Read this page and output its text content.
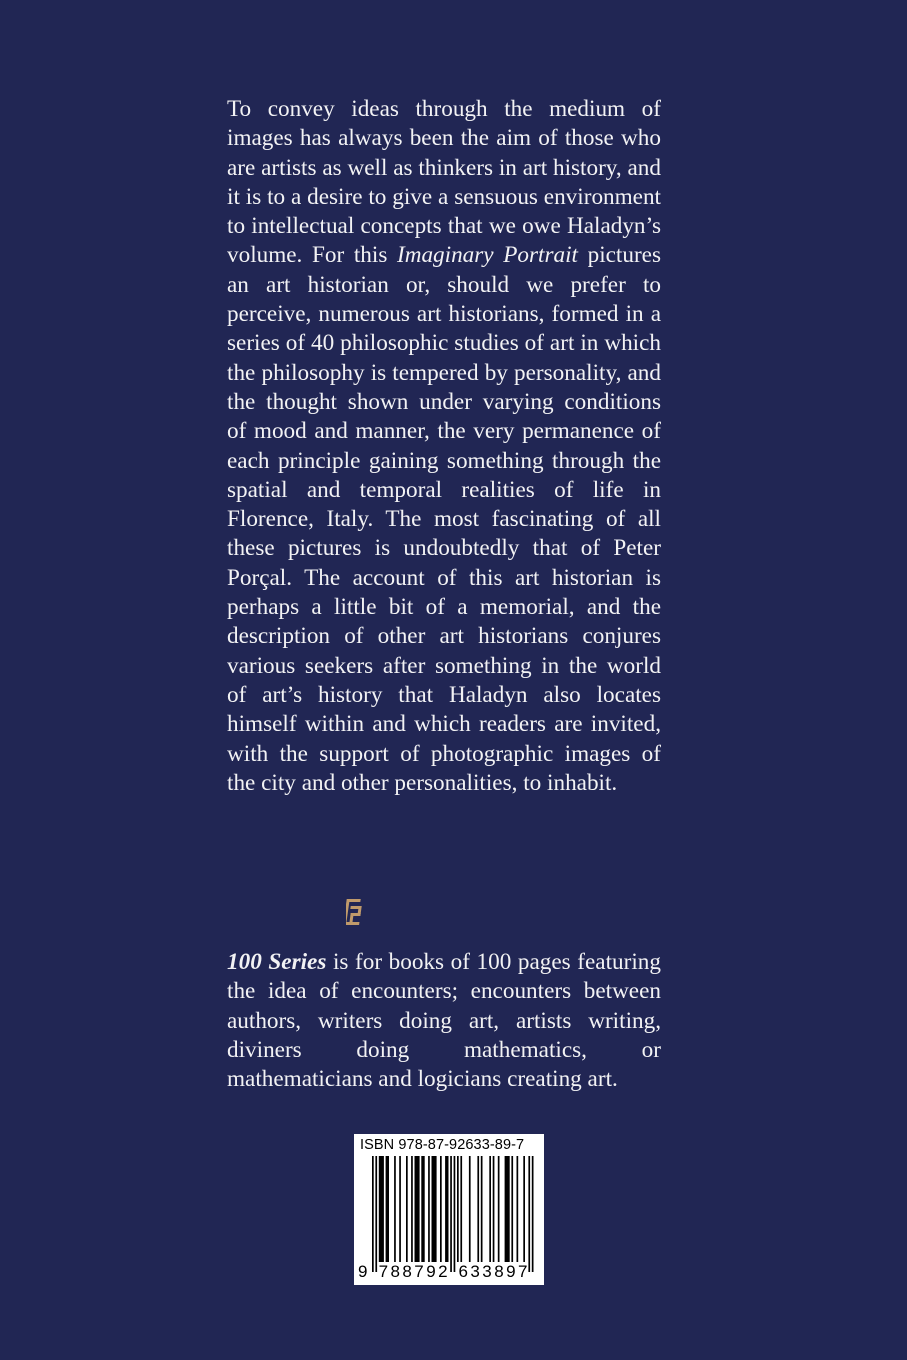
To convey ideas through the medium of images has always been the aim of those who are artists as well as thinkers in art history, and it is to a desire to give a sensuous environment to intellectual concepts that we owe Haladyn’s volume. For this Imaginary Portrait pictures an art historian or, should we prefer to perceive, numerous art historians, formed in a series of 40 philosophic studies of art in which the philosophy is tempered by personality, and the thought shown under varying conditions of mood and manner, the very permanence of each principle gaining something through the spatial and temporal realities of life in Florence, Italy. The most fascinating of all these pictures is undoubtedly that of Peter Porçal. The account of this art historian is perhaps a little bit of a memorial, and the description of other art historians conjures various seekers after something in the world of art’s history that Haladyn also locates himself within and which readers are invited, with the support of photographic images of the city and other personalities, to inhabit.

100 Series is for books of 100 pages featuring the idea of encounters; encounters between authors, writers doing art, artists writing, diviners doing mathematics, or mathematicians and logicians creating art.

ISBN 978-87-92633-89-7
9 7 8 8 7 9 2 6 3 3 8 9 7
